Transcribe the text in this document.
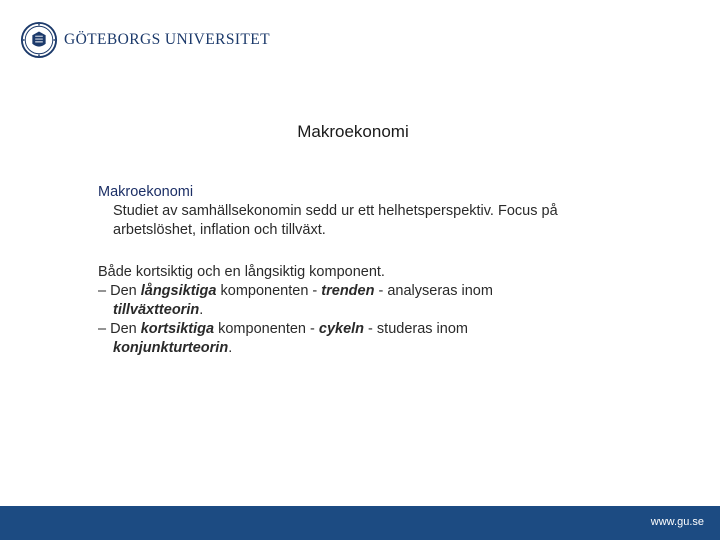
GÖTEBORGS UNIVERSITET
Makroekonomi
Makroekonomi
Studiet av samhällsekonomin sedd ur ett helhetsperspektiv. Focus på
arbetslöshet, inflation och tillväxt.
Både kortsiktig och en långsiktig komponent.
– Den långsiktiga komponenten - trenden - analyseras inom
tillväxtteorin.
– Den kortsiktiga komponenten - cykeln - studeras inom
konjunkturteorin.
www.gu.se
